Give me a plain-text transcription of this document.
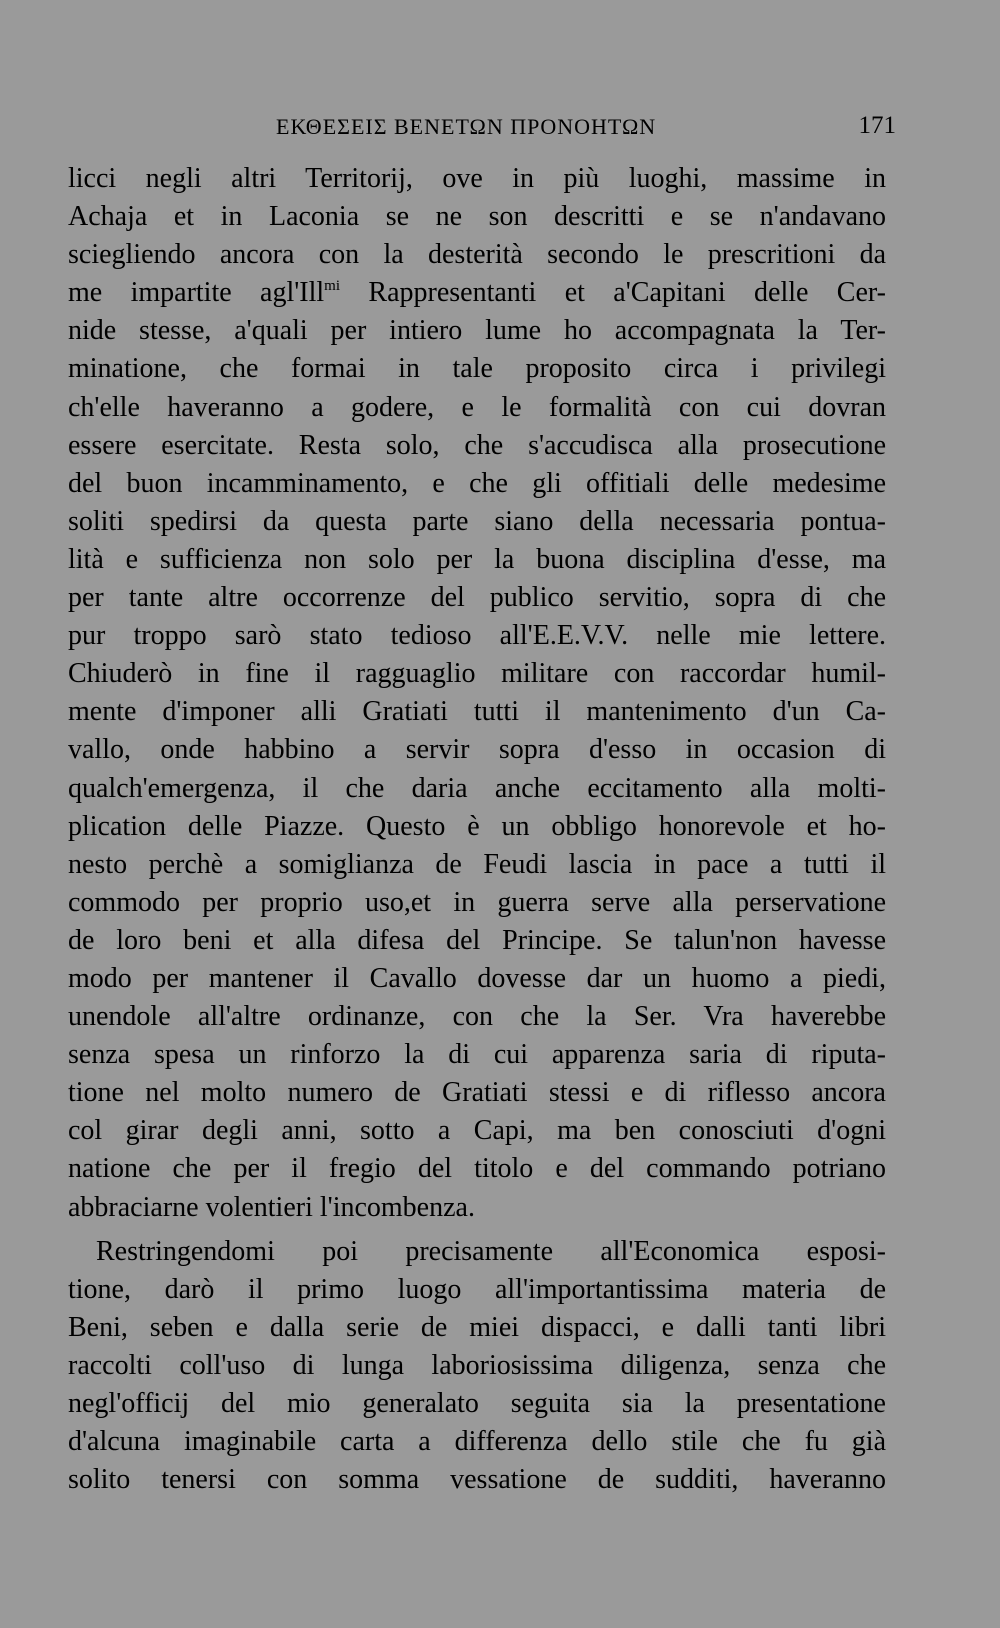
ΕΚΘΕΣΕΙΣ ΒΕΝΕΤΩΝ ΠΡΟΝΟΗΤΩΝ	171
licci negli altri Territorij, ove in più luoghi, massime in
Achaja et in Laconia se ne son descritti e se n'andavano
sciegliendo ancora con la desterità secondo le prescritioni da
me impartite agl'Ill$^{mi}$ Rappresentanti et a'Capitani delle Cer-
nide stesse, a'quali per intiero lume ho accompagnata la Ter-
minatione, che formai in tale proposito circa i privilegi
ch'elle haveranno a godere, e le formalità con cui dovran
essere esercitate. Resta solo, che s'accudisca alla prosecutione
del buon incamminamento, e che gli offitiali delle medesime
soliti spedirsi da questa parte siano della necessaria pontua-
lità e sufficienza non solo per la buona disciplina d'esse, ma
per tante altre occorrenze del publico servitio, sopra di che
pur troppo sarò stato tedioso all'E.E.V.V. nelle mie lettere.
Chiuderò in fine il ragguaglio militare con raccordar humil-
mente d'imponer alli Gratiati tutti il mantenimento d'un Ca-
vallo, onde habbino a servir sopra d'esso in occasion di
qualch'emergenza, il che daria anche eccitamento alla molti-
plication delle Piazze. Questo è un obbligo honorevole et ho-
nesto perchè a somiglianza de Feudi lascia in pace a tutti il
commodo per proprio uso,et in guerra serve alla perservatione
de loro beni et alla difesa del Principe. Se talun'non havesse
modo per mantener il Cavallo dovesse dar un huomo a piedi,
unendole all'altre ordinanze, con che la Ser. Vra haverebbe
senza spesa un rinforzo la di cui apparenza saria di riputa-
tione nel molto numero de Gratiati stessi e di riflesso ancora
col girar degli anni, sotto a Capi, ma ben conosciuti d'ogni
natione che per il fregio del titolo e del commando potriano
abbraciarne volentieri l'incombenza.
Restringendomi poi precisamente all'Economica esposi-
tione, darò il primo luogo all'importantissima materia de
Beni, seben e dalla serie de miei dispacci, e dalli tanti libri
raccolti coll'uso di lunga laboriosissima diligenza, senza che
negl'officij del mio generalato seguita sia la presentatione
d'alcuna imaginabile carta a differenza dello stile che fu già
solito tenersi con somma vessatione de sudditi, haveranno
